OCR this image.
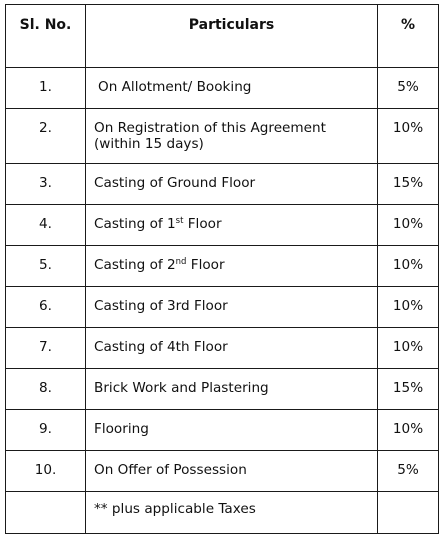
Sl. No.	Particulars	%
1.	On Allotment/ Booking	5%
2.	On Registration of this Agreement (within 15 days)	10%
3.	Casting of Ground Floor	15%
4.	Casting of 1st Floor	10%
5.	Casting of 2nd Floor	10%
6.	Casting of 3rd Floor	10%
7.	Casting of 4th Floor	10%
8.	Brick Work and Plastering	15%
9.	Flooring	10%
10.	On Offer of Possession	5%
	** plus applicable Taxes	
